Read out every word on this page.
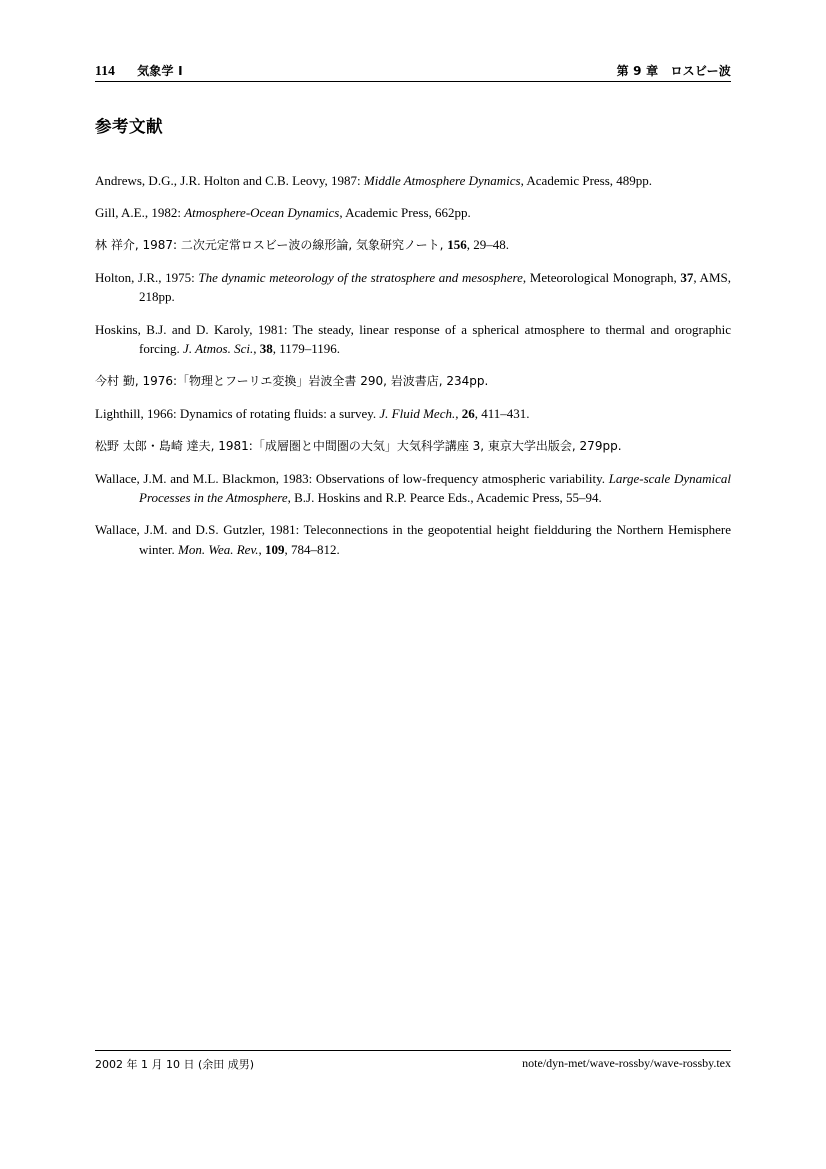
114 気象学 I	第 9 章　ロスビー波
参考文献

Andrews, D.G., J.R. Holton and C.B. Leovy, 1987: Middle Atmosphere Dynamics, Academic Press, 489pp.

Gill, A.E., 1982: Atmosphere-Ocean Dynamics, Academic Press, 662pp.

林 祥介, 1987: 二次元定常ロスビー波の線形論, 気象研究ノート, 156, 29–48.

Holton, J.R., 1975: The dynamic meteorology of the stratosphere and mesosphere, Meteorological Monograph, 37, AMS, 218pp.

Hoskins, B.J. and D. Karoly, 1981: The steady, linear response of a spherical atmosphere to thermal and orographic forcing. J. Atmos. Sci., 38, 1179–1196.

今村 勤, 1976:「物理とフーリエ変換」岩波全書 290, 岩波書店, 234pp.

Lighthill, 1966: Dynamics of rotating fluids: a survey. J. Fluid Mech., 26, 411–431.

松野 太郎・島崎 達夫, 1981:「成層圏と中間圏の大気」大気科学講座 3, 東京大学出版会, 279pp.

Wallace, J.M. and M.L. Blackmon, 1983: Observations of low-frequency atmospheric variability. Large-scale Dynamical Processes in the Atmosphere, B.J. Hoskins and R.P. Pearce Eds., Academic Press, 55–94.

Wallace, J.M. and D.S. Gutzler, 1981: Teleconnections in the geopotential height fieldduring the Northern Hemisphere winter. Mon. Wea. Rev., 109, 784–812.

2002 年 1 月 10 日 (余田 成男)	note/dyn-met/wave-rossby/wave-rossby.tex
